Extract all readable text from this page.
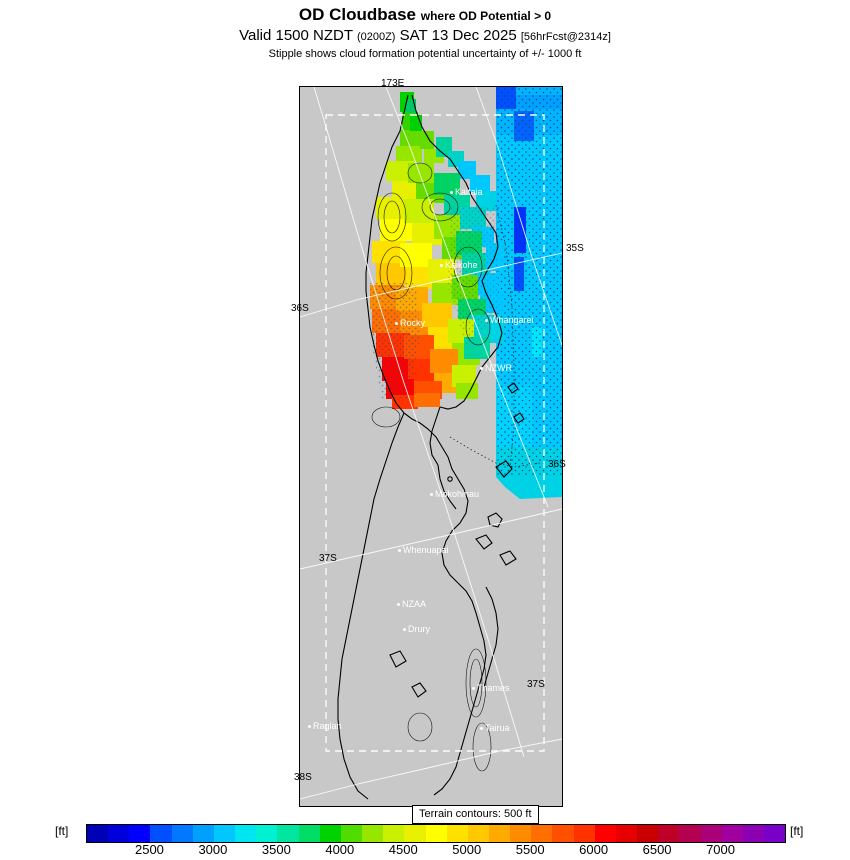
OD Cloudbase where OD Potential > 0
Valid 1500 NZDT (0200Z) SAT 13 Dec 2025 [56hrFcst@2314z]
Stipple shows cloud formation potential uncertainty of +/- 1000 ft
Kaitaia
Kaikohe
Rocky	Whangarei
NZWR
Mokohinau
Whenuapai
NZAA
Drury
Thames
Tairua
Raglan
173E
35S
36S
36S
37S
37S
38S
Terrain contours: 500 ft
[ft]	[ft]
2500	3000	3500	4000	4500	5000	5500	6000	6500	7000
